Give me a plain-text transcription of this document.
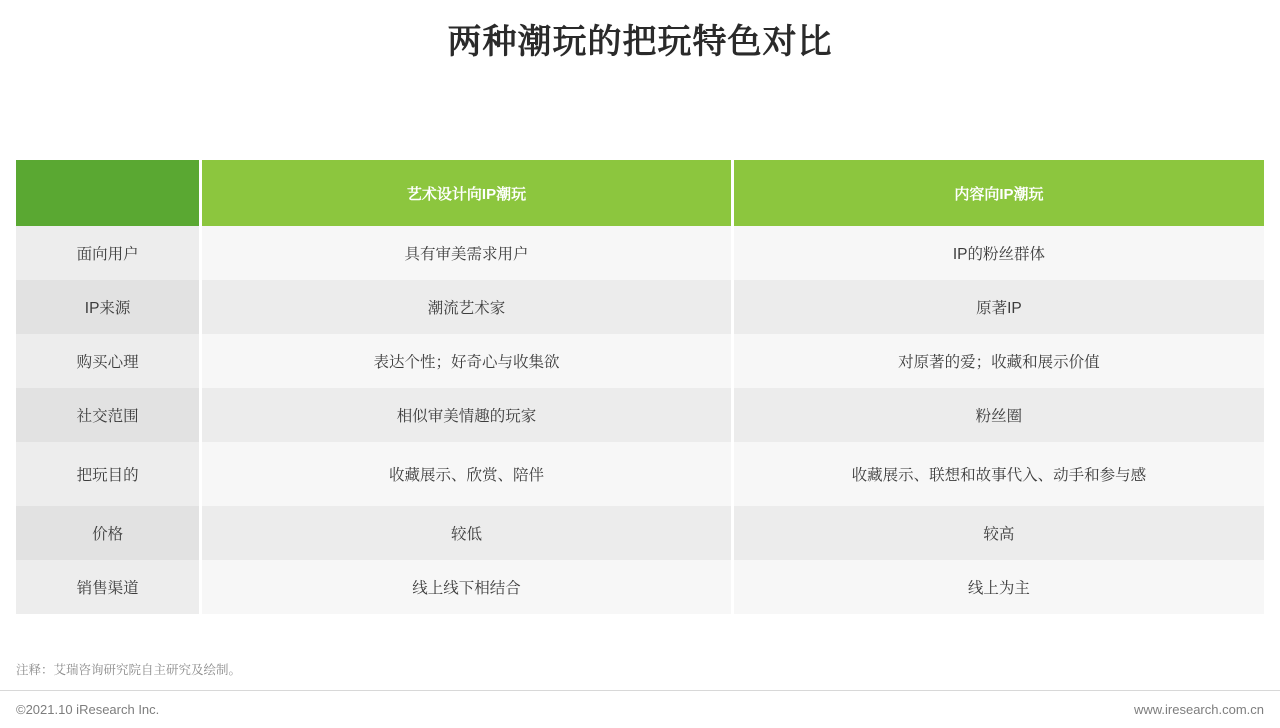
两种潮玩的把玩特色对比
	艺术设计向IP潮玩	内容向IP潮玩
面向用户	具有审美需求用户	IP的粉丝群体
IP来源	潮流艺术家	原著IP
购买心理	表达个性；好奇心与收集欲	对原著的爱；收藏和展示价值
社交范围	相似审美情趣的玩家	粉丝圈
把玩目的	收藏展示、欣赏、陪伴	收藏展示、联想和故事代入、动手和参与感
价格	较低	较高
销售渠道	线上线下相结合	线上为主
注释：艾瑞咨询研究院自主研究及绘制。
©2021.10 iResearch Inc.	www.iresearch.com.cn
